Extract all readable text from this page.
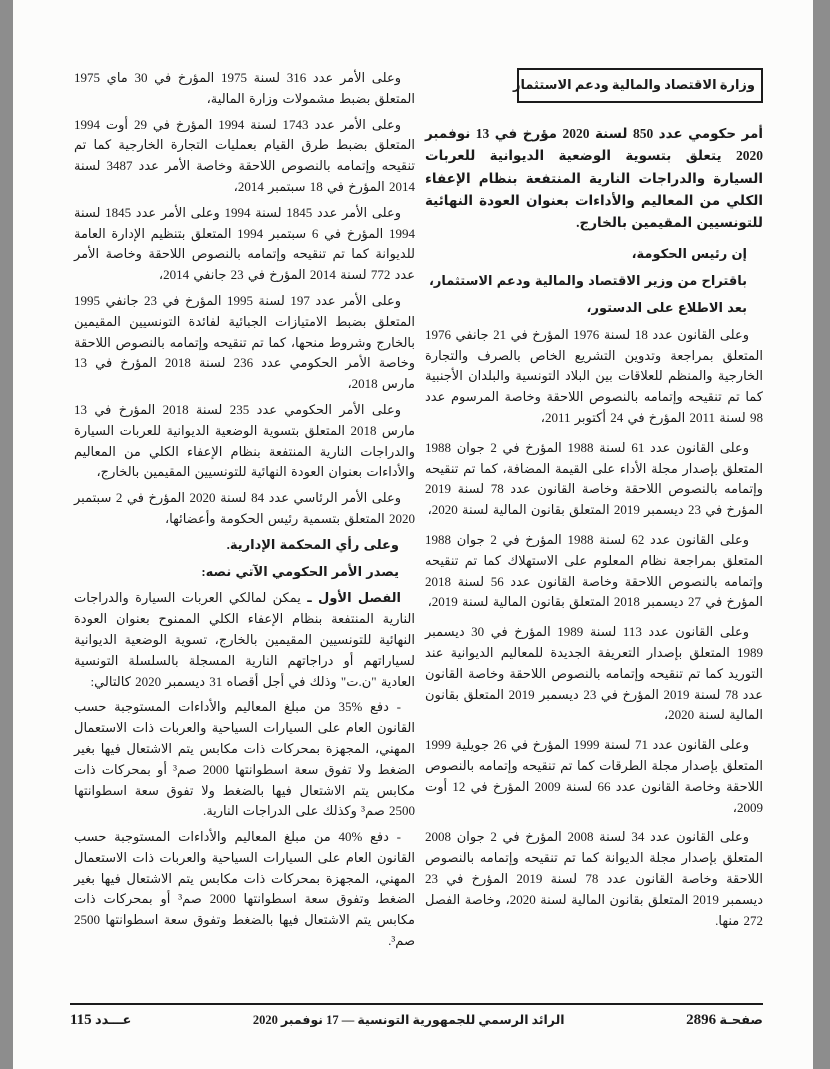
وزارة الاقتصاد والمالية ودعم الاستثمار

أمر حكومي عدد 850 لسنة 2020 مؤرخ في 13 نوفمبر 2020 يتعلق بتسوية الوضعية الديوانية للعربات السيارة والدراجات النارية المنتفعة بنظام الإعفاء الكلي من المعاليم والأداءات بعنوان العودة النهائية للتونسيين المقيمين بالخارج.

إن رئيس الحكومة،

باقتراح من وزير الاقتصاد والمالية ودعم الاستثمار،

بعد الاطلاع على الدستور،

وعلى القانون عدد 18 لسنة 1976 المؤرخ في 21 جانفي 1976 المتعلق بمراجعة وتدوين التشريع الخاص بالصرف والتجارة الخارجية والمنظم للعلاقات بين البلاد التونسية والبلدان الأجنبية كما تم تنقيحه وإتمامه بالنصوص اللاحقة وخاصة المرسوم عدد 98 لسنة 2011 المؤرخ في 24 أكتوبر 2011،

وعلى القانون عدد 61 لسنة 1988 المؤرخ في 2 جوان 1988 المتعلق بإصدار مجلة الأداء على القيمة المضافة، كما تم تنقيحه وإتمامه بالنصوص اللاحقة وخاصة القانون عدد 78 لسنة 2019 المؤرخ في 23 ديسمبر 2019 المتعلق بقانون المالية لسنة 2020،

وعلى القانون عدد 62 لسنة 1988 المؤرخ في 2 جوان 1988 المتعلق بمراجعة نظام المعلوم على الاستهلاك كما تم تنقيحه وإتمامه بالنصوص اللاحقة وخاصة القانون عدد 56 لسنة 2018 المؤرخ في 27 ديسمبر 2018 المتعلق بقانون المالية لسنة 2019،

وعلى القانون عدد 113 لسنة 1989 المؤرخ في 30 ديسمبر 1989 المتعلق بإصدار التعريفة الجديدة للمعاليم الديوانية عند التوريد كما تم تنقيحه وإتمامه بالنصوص اللاحقة وخاصة القانون عدد 78 لسنة 2019 المؤرخ في 23 ديسمبر 2019 المتعلق بقانون المالية لسنة 2020،

وعلى القانون عدد 71 لسنة 1999 المؤرخ في 26 جويلية 1999 المتعلق بإصدار مجلة الطرقات كما تم تنقيحه وإتمامه بالنصوص اللاحقة وخاصة القانون عدد 66 لسنة 2009 المؤرخ في 12 أوت 2009،

وعلى القانون عدد 34 لسنة 2008 المؤرخ في 2 جوان 2008 المتعلق بإصدار مجلة الديوانة كما تم تنقيحه وإتمامه بالنصوص اللاحقة وخاصة القانون عدد 78 لسنة 2019 المؤرخ في 23 ديسمبر 2019 المتعلق بقانون المالية لسنة 2020، وخاصة الفصل 272 منها.

وعلى الأمر عدد 316 لسنة 1975 المؤرخ في 30 ماي 1975 المتعلق بضبط مشمولات وزارة المالية،

وعلى الأمر عدد 1743 لسنة 1994 المؤرخ في 29 أوت 1994 المتعلق بضبط طرق القيام بعمليات التجارة الخارجية كما تم تنقيحه وإتمامه بالنصوص اللاحقة وخاصة الأمر عدد 3487 لسنة 2014 المؤرخ في 18 سبتمبر 2014،

وعلى الأمر عدد 1845 لسنة 1994 وعلى الأمر عدد 1845 لسنة 1994 المؤرخ في 6 سبتمبر 1994 المتعلق بتنظيم الإدارة العامة للديوانة كما تم تنقيحه وإتمامه بالنصوص اللاحقة وخاصة الأمر عدد 772 لسنة 2014 المؤرخ في 23 جانفي 2014،

وعلى الأمر عدد 197 لسنة 1995 المؤرخ في 23 جانفي 1995 المتعلق بضبط الامتيازات الجبائية لفائدة التونسيين المقيمين بالخارج وشروط منحها، كما تم تنقيحه وإتمامه بالنصوص اللاحقة وخاصة الأمر الحكومي عدد 236 لسنة 2018 المؤرخ في 13 مارس 2018،

وعلى الأمر الحكومي عدد 235 لسنة 2018 المؤرخ في 13 مارس 2018 المتعلق بتسوية الوضعية الديوانية للعربات السيارة والدراجات النارية المنتفعة بنظام الإعفاء الكلي من المعاليم والأداءات بعنوان العودة النهائية للتونسيين المقيمين بالخارج،

وعلى الأمر الرئاسي عدد 84 لسنة 2020 المؤرخ في 2 سبتمبر 2020 المتعلق بتسمية رئيس الحكومة وأعضائها،

وعلى رأي المحكمة الإدارية.

يصدر الأمر الحكومي الآتي نصه:

الفصل الأول ـ يمكن لمالكي العربات السيارة والدراجات النارية المنتفعة بنظام الإعفاء الكلي الممنوح بعنوان العودة النهائية للتونسيين المقيمين بالخارج، تسوية الوضعية الديوانية لسياراتهم أو دراجاتهم النارية المسجلة بالسلسلة التونسية العادية "ن.ت" وذلك في أجل أقصاه 31 ديسمبر 2020 كالتالي:

- دفع %35 من مبلغ المعاليم والأداءات المستوجبة حسب القانون العام على السيارات السياحية والعربات ذات الاستعمال المهني، المجهزة بمحركات ذات مكابس يتم الاشتعال فيها بغير الضغط ولا تفوق سعة اسطوانتها 2000 صم³ أو بمحركات ذات مكابس يتم الاشتعال فيها بالضغط ولا تفوق سعة اسطوانتها 2500 صم³ وكذلك على الدراجات النارية.

- دفع %40 من مبلغ المعاليم والأداءات المستوجبة حسب القانون العام على السيارات السياحية والعربات ذات الاستعمال المهني، المجهزة بمحركات ذات مكابس يتم الاشتعال فيها بغير الضغط وتفوق سعة اسطوانتها 2000 صم³ أو بمحركات ذات مكابس يتم الاشتعال فيها بالضغط وتفوق سعة اسطوانتها 2500 صم³.

صفحـة 2896
الرائد الرسمي للجمهورية التونسية — 17 نوفمبر 2020
عـــدد 115
